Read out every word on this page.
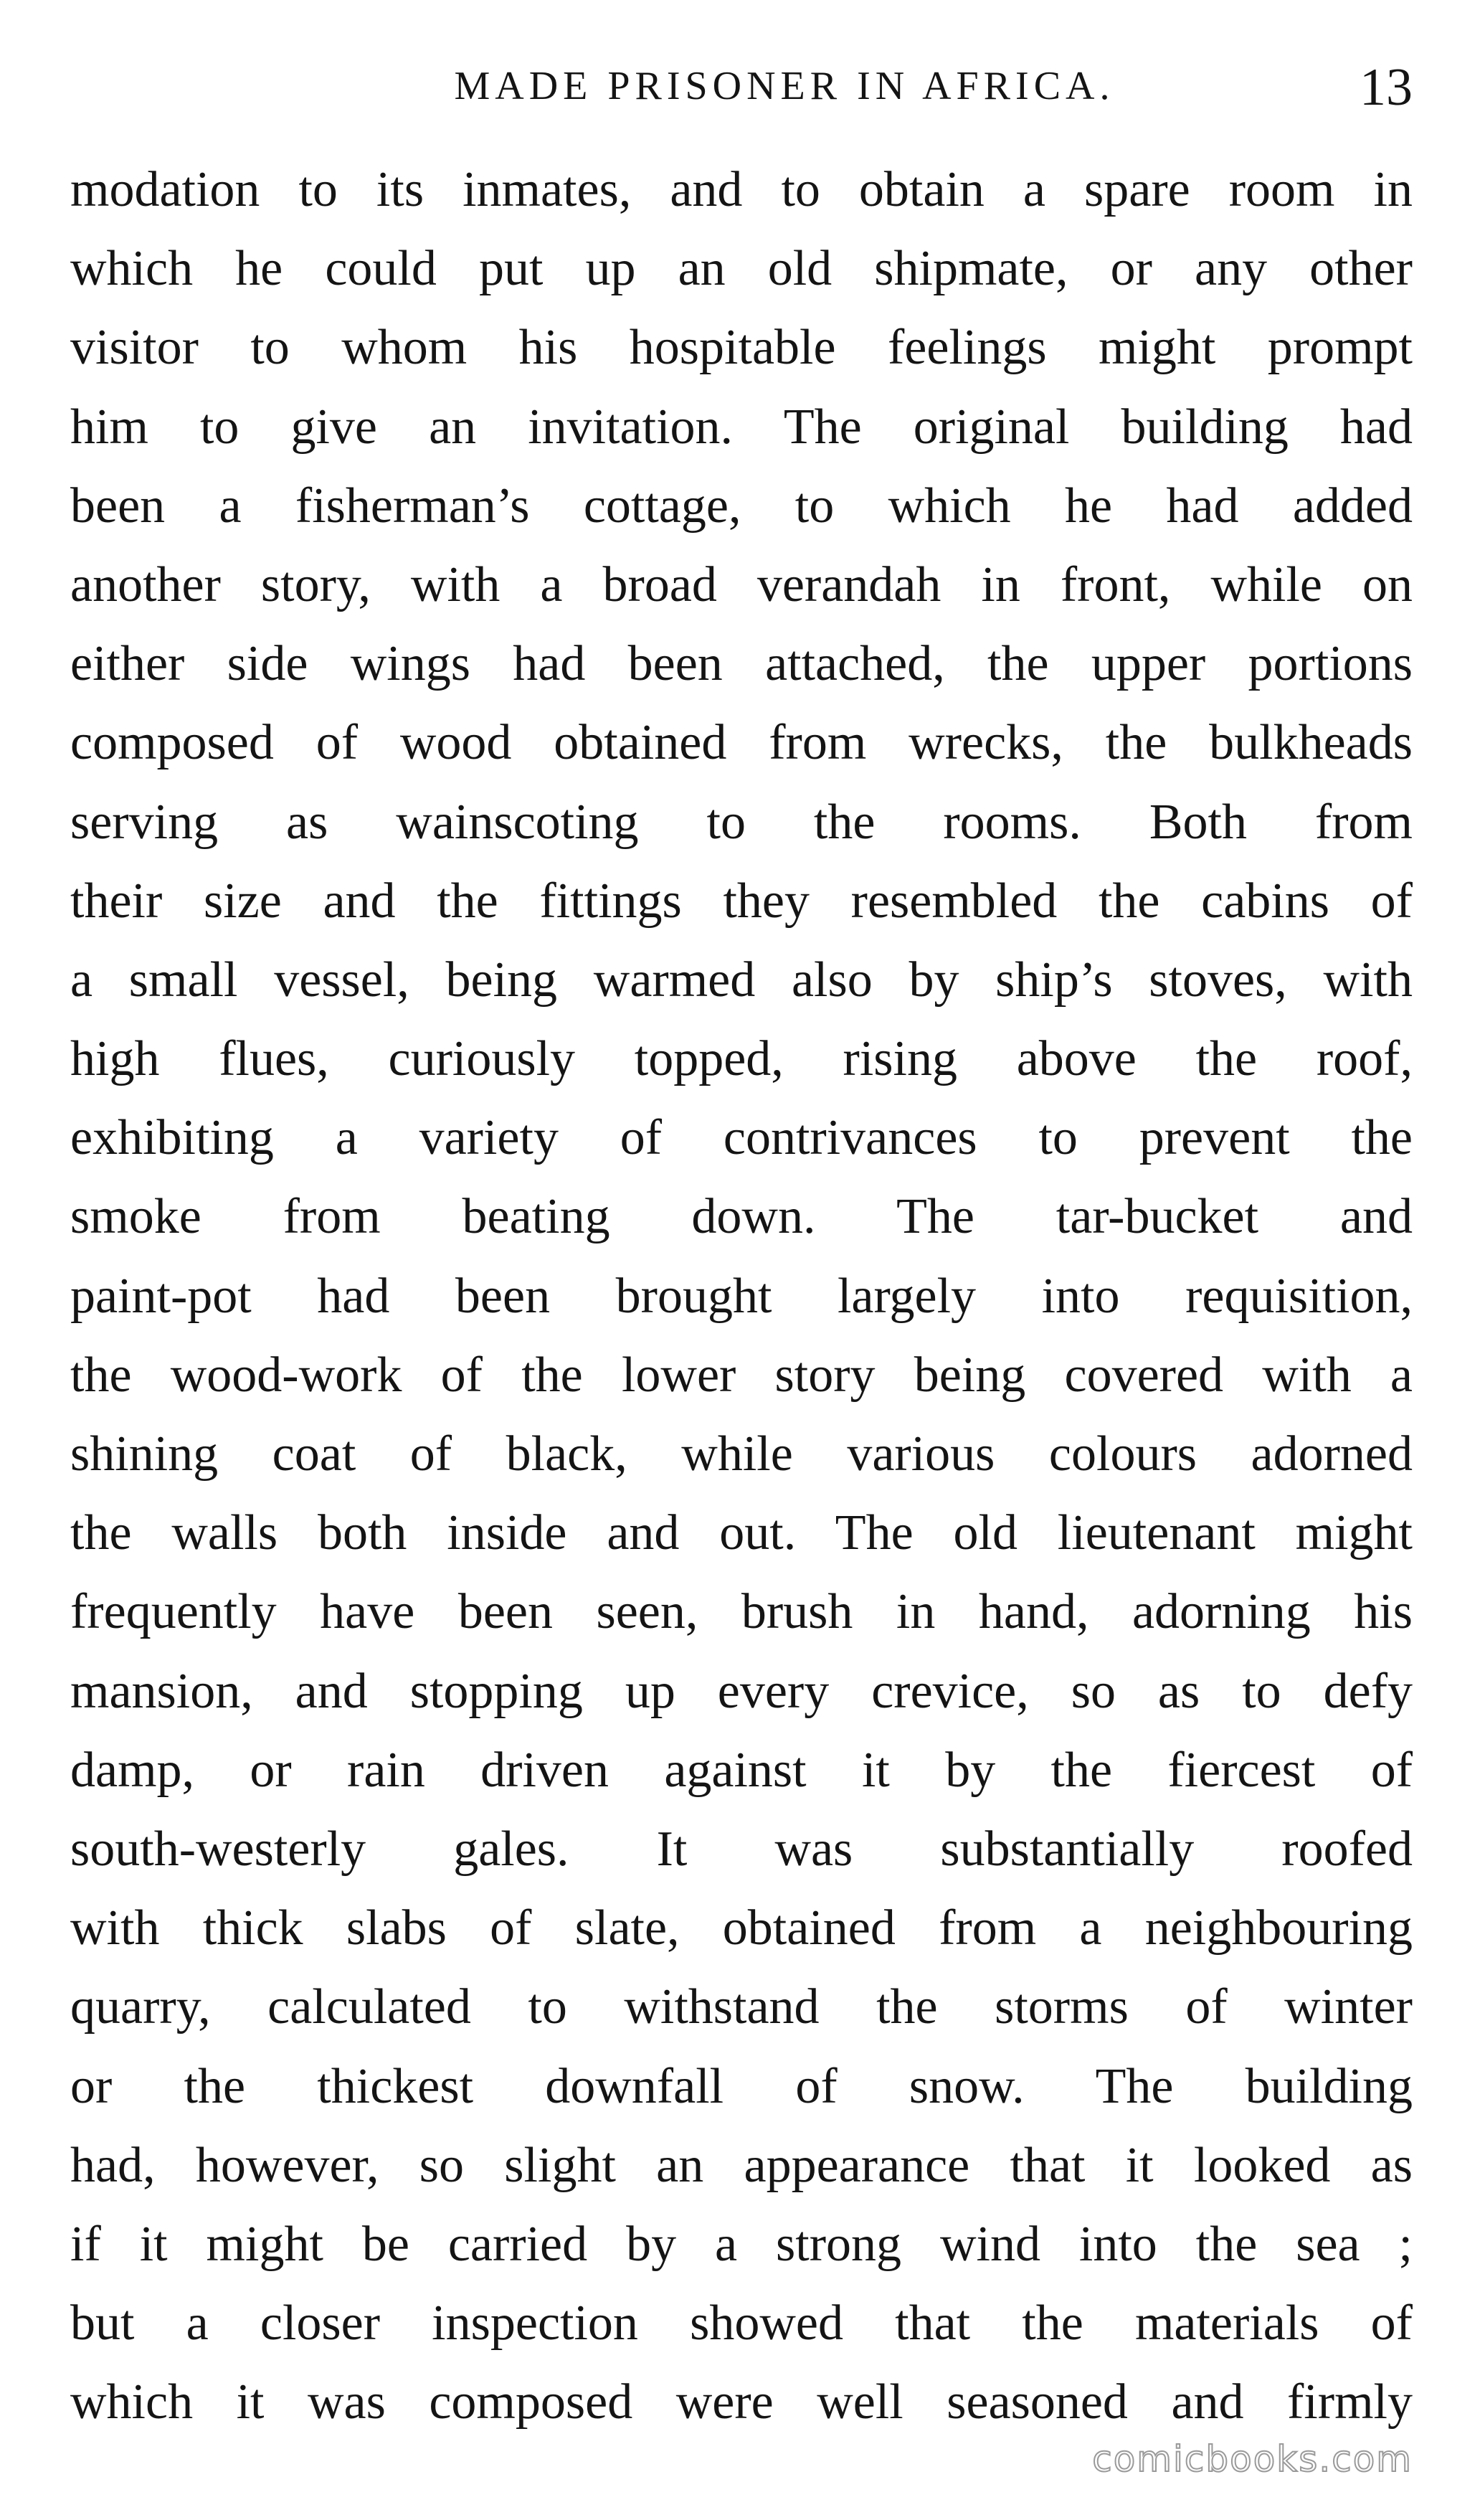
MADE PRISONER IN AFRICA.	13
modation to its inmates, and to obtain a spare room in
which he could put up an old shipmate, or any other
visitor to whom his hospitable feelings might prompt
him to give an invitation. The original building had
been a fisherman’s cottage, to which he had added
another story, with a broad verandah in front, while on
either side wings had been attached, the upper portions
composed of wood obtained from wrecks, the bulkheads
serving as wainscoting to the rooms. Both from
their size and the fittings they resembled the cabins of
a small vessel, being warmed also by ship’s stoves, with
high flues, curiously topped, rising above the roof,
exhibiting a variety of contrivances to prevent the
smoke from beating down. The tar-bucket and
paint-pot had been brought largely into requisition,
the wood-work of the lower story being covered with a
shining coat of black, while various colours adorned
the walls both inside and out. The old lieutenant might
frequently have been seen, brush in hand, adorning his
mansion, and stopping up every crevice, so as to defy
damp, or rain driven against it by the fiercest of
south-westerly gales. It was substantially roofed
with thick slabs of slate, obtained from a neighbouring
quarry, calculated to withstand the storms of winter
or the thickest downfall of snow. The building
had, however, so slight an appearance that it looked as
if it might be carried by a strong wind into the sea ;
but a closer inspection showed that the materials of
which it was composed were well seasoned and firmly
comicbooks.com
